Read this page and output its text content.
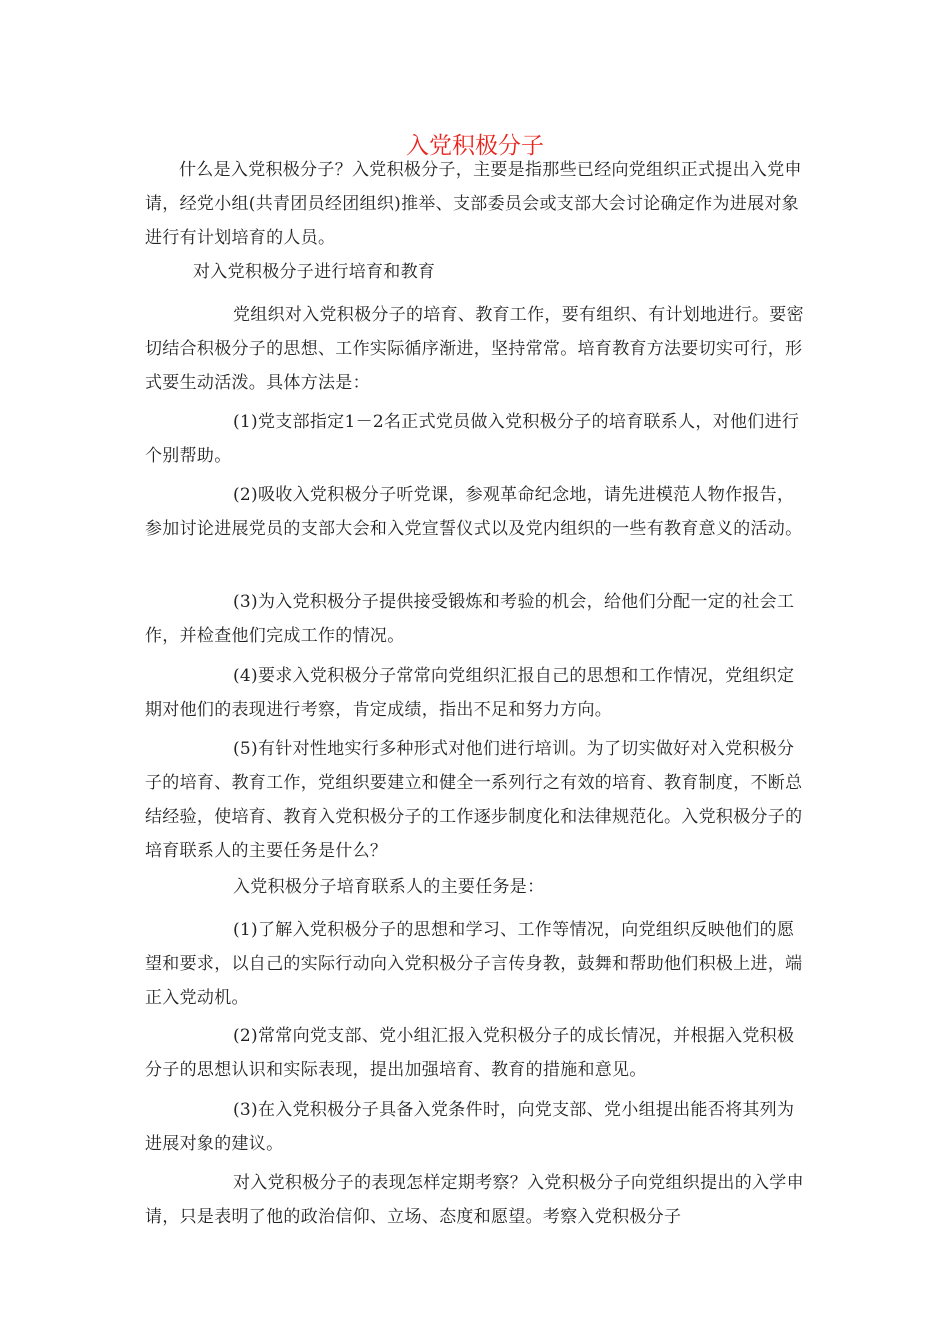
入党积极分子

什么是入党积极分子？入党积极分子，主要是指那些已经向党组织正式提出入党申请，经党小组(共青团员经团组织)推举、支部委员会或支部大会讨论确定作为进展对象进行有计划培育的人员。

对入党积极分子进行培育和教育

党组织对入党积极分子的培育、教育工作，要有组织、有计划地进行。要密切结合积极分子的思想、工作实际循序渐进，坚持常常。培育教育方法要切实可行，形式要生动活泼。具体方法是：

(1)党支部指定1－2名正式党员做入党积极分子的培育联系人，对他们进行个别帮助。

(2)吸收入党积极分子听党课，参观革命纪念地，请先进模范人物作报告，参加讨论进展党员的支部大会和入党宣誓仪式以及党内组织的一些有教育意义的活动。

(3)为入党积极分子提供接受锻炼和考验的机会，给他们分配一定的社会工作，并检查他们完成工作的情况。

(4)要求入党积极分子常常向党组织汇报自己的思想和工作情况，党组织定期对他们的表现进行考察，肯定成绩，指出不足和努力方向。

(5)有针对性地实行多种形式对他们进行培训。为了切实做好对入党积极分子的培育、教育工作，党组织要建立和健全一系列行之有效的培育、教育制度，不断总结经验，使培育、教育入党积极分子的工作逐步制度化和法律规范化。入党积极分子的培育联系人的主要任务是什么？

入党积极分子培育联系人的主要任务是：

(1)了解入党积极分子的思想和学习、工作等情况，向党组织反映他们的愿望和要求，以自己的实际行动向入党积极分子言传身教，鼓舞和帮助他们积极上进，端正入党动机。

(2)常常向党支部、党小组汇报入党积极分子的成长情况，并根据入党积极分子的思想认识和实际表现，提出加强培育、教育的措施和意见。

(3)在入党积极分子具备入党条件时，向党支部、党小组提出能否将其列为进展对象的建议。

对入党积极分子的表现怎样定期考察？入党积极分子向党组织提出的入学申请，只是表明了他的政治信仰、立场、态度和愿望。考察入党积极分子
